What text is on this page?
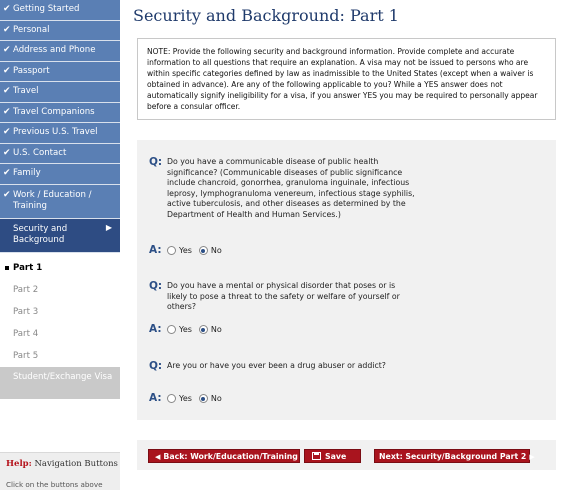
✔ Getting Started
✔ Personal
✔ Address and Phone
✔ Passport
✔ Travel
✔ Travel Companions
✔ Previous U.S. Travel
✔ U.S. Contact
✔ Family
✔ Work / Education / Training
Security and Background
▶
Part 1
Part 2
Part 3
Part 4
Part 5
Student/Exchange Visa
Help: Navigation Buttons
Click on the buttons above
Security and Background: Part 1
NOTE: Provide the following security and background information. Provide complete and accurate information to all questions that require an explanation. A visa may not be issued to persons who are within specific categories defined by law as inadmissible to the United States (except when a waiver is obtained in advance). Are any of the following applicable to you? While a YES answer does not automatically signify ineligibility for a visa, if you answer YES you may be required to personally appear before a consular officer.
Q: Do you have a communicable disease of public health significance? (Communicable diseases of public significance include chancroid, gonorrhea, granuloma inguinale, infectious leprosy, lymphogranuloma venereum, infectious stage syphilis, active tuberculosis, and other diseases as determined by the Department of Health and Human Services.)
A: Yes No
Q: Do you have a mental or physical disorder that poses or is likely to pose a threat to the safety or welfare of yourself or others?
A: Yes No
Q: Are you or have you ever been a drug abuser or addict?
A: Yes No
◀ Back: Work/Education/Training	Save	Next: Security/Background Part 2 ▶
